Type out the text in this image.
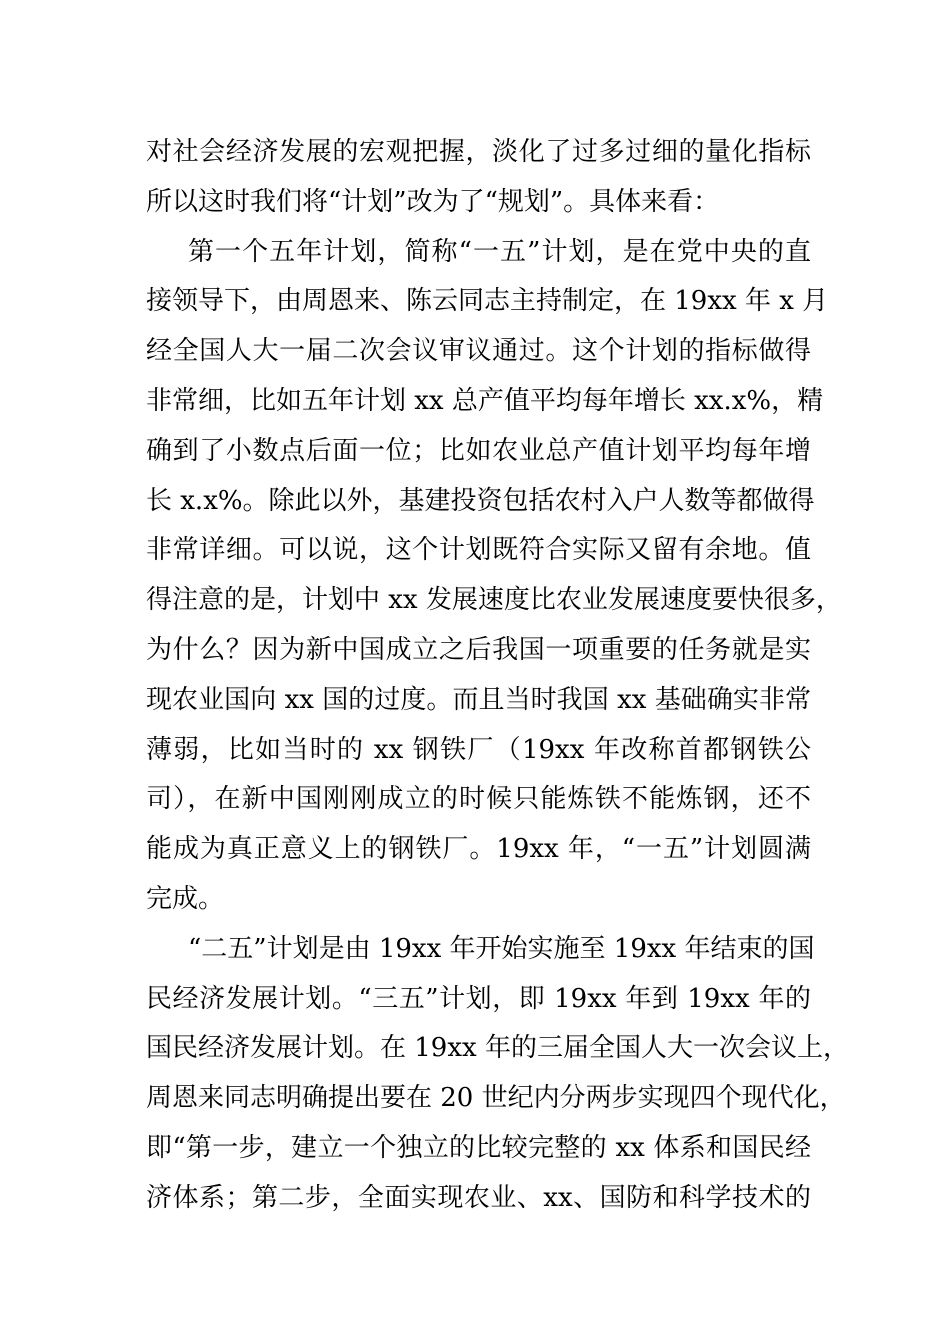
对社会经济发展的宏观把握，淡化了过多过细的量化指标
所以这时我们将“计划”改为了“规划”。具体来看：
第一个五年计划，简称“一五”计划，是在党中央的直
接领导下，由周恩来、陈云同志主持制定，在 19xx 年 x 月
经全国人大一届二次会议审议通过。这个计划的指标做得
非常细，比如五年计划 xx 总产值平均每年增长 xx.x%，精
确到了小数点后面一位；比如农业总产值计划平均每年增
长 x.x%。除此以外，基建投资包括农村入户人数等都做得
非常详细。可以说，这个计划既符合实际又留有余地。值
得注意的是，计划中 xx 发展速度比农业发展速度要快很多，
为什么？因为新中国成立之后我国一项重要的任务就是实
现农业国向 xx 国的过度。而且当时我国 xx 基础确实非常
薄弱，比如当时的 xx 钢铁厂（19xx 年改称首都钢铁公
司），在新中国刚刚成立的时候只能炼铁不能炼钢，还不
能成为真正意义上的钢铁厂。19xx 年，“一五”计划圆满
完成。
“二五”计划是由 19xx 年开始实施至 19xx 年结束的国
民经济发展计划。“三五”计划，即 19xx 年到 19xx 年的
国民经济发展计划。在 19xx 年的三届全国人大一次会议上，
周恩来同志明确提出要在 20 世纪内分两步实现四个现代化，
即“第一步，建立一个独立的比较完整的 xx 体系和国民经
济体系；第二步，全面实现农业、xx、国防和科学技术的
